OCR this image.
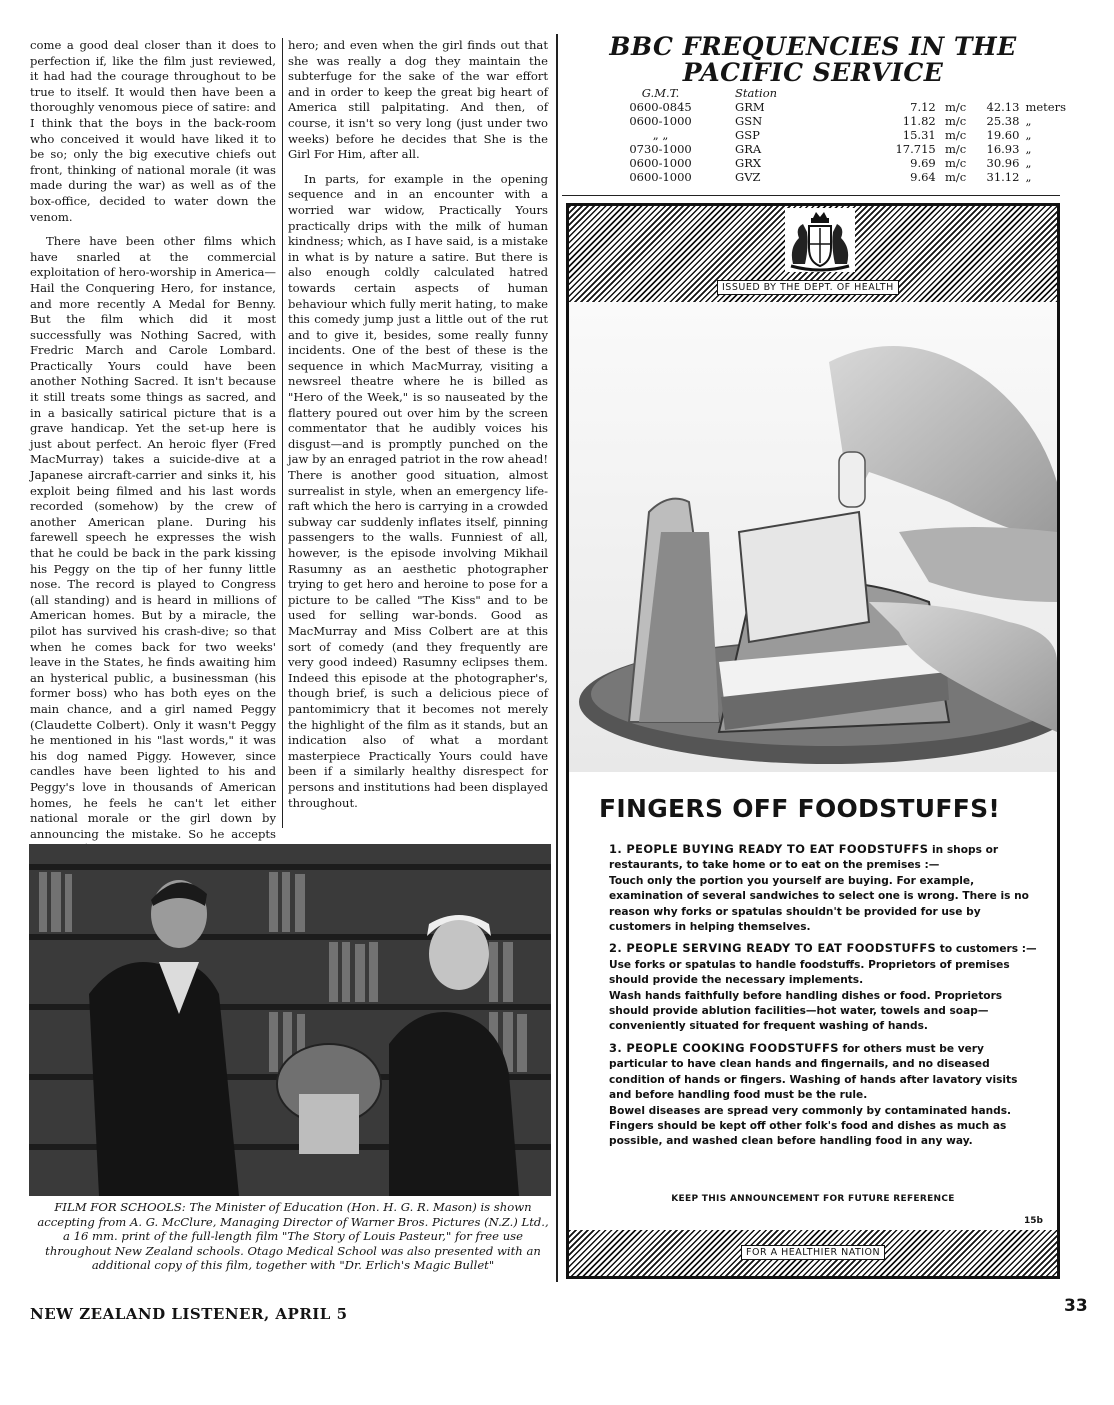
come a good deal closer than it does to perfection if, like the film just reviewed, it had had the courage throughout to be true to itself. It would then have been a thoroughly venomous piece of satire: and I think that the boys in the back-room who conceived it would have liked it to be so; only the big executive chiefs out front, thinking of national morale (it was made during the war) as well as of the box-office, decided to water down the venom.

There have been other films which have snarled at the commercial exploitation of hero-worship in America—Hail the Conquering Hero, for instance, and more recently A Medal for Benny. But the film which did it most successfully was Nothing Sacred, with Fredric March and Carole Lombard. Practically Yours could have been another Nothing Sacred. It isn't because it still treats some things as sacred, and in a basically satirical picture that is a grave handicap. Yet the set-up here is just about perfect. An heroic flyer (Fred MacMurray) takes a suicide-dive at a Japanese aircraft-carrier and sinks it, his exploit being filmed and his last words recorded (somehow) by the crew of another American plane. During his farewell speech he expresses the wish that he could be back in the park kissing his Peggy on the tip of her funny little nose. The record is played to Congress (all standing) and is heard in millions of American homes. But by a miracle, the pilot has survived his crash-dive; so that when he comes back for two weeks' leave in the States, he finds awaiting him an hysterical public, a businessman (his former boss) who has both eyes on the main chance, and a girl named Peggy (Claudette Colbert). Only it wasn't Peggy he mentioned in his "last words," it was his dog named Piggy. However, since candles have been lighted to his and Peggy's love in thousands of American homes, he feels he can't let either national morale or the girl down by announcing the mistake. So he accepts

hero; and even when the girl finds out that she was really a dog they maintain the subterfuge for the sake of the war effort and in order to keep the great big heart of America still palpitating. And then, of course, it isn't so very long (just under two weeks) before he decides that She is the Girl For Him, after all.

In parts, for example in the opening sequence and in an encounter with a worried war widow, Practically Yours practically drips with the milk of human kindness; which, as I have said, is a mistake in what is by nature a satire. But there is also enough coldly calculated hatred towards certain aspects of human behaviour which fully merit hating, to make this comedy jump just a little out of the rut and to give it, besides, some really funny incidents. One of the best of these is the sequence in which MacMurray, visiting a newsreel theatre where he is billed as "Hero of the Week," is so nauseated by the flattery poured out over him by the screen commentator that he audibly voices his disgust—and is promptly punched on the jaw by an enraged patriot in the row ahead! There is another good situation, almost surrealist in style, when an emergency life-raft which the hero is carrying in a crowded subway car suddenly inflates itself, pinning passengers to the walls. Funniest of all, however, is the episode involving Mikhail Rasumny as an aesthetic photographer trying to get hero and heroine to pose for a picture to be called "The Kiss" and to be used for selling war-bonds. Good as MacMurray and Miss Colbert are at this sort of comedy (and they frequently are very good indeed) Rasumny eclipses them. Indeed this episode at the photographer's, though brief, is such a delicious piece of pantomimicry that it becomes not merely the highlight of the film as it stands, but an indication also of what a mordant masterpiece Practically Yours could have been if a similarly healthy disrespect for persons and institutions had been displayed throughout.

BBC FREQUENCIES IN THE
PACIFIC SERVICE
G.M.T.	Station				
0600-0845	GRM	7.12	m/c	42.13	meters
0600-1000	GSN	11.82	m/c	25.38	„
„ „	GSP	15.31	m/c	19.60	„
0730-1000	GRA	17.715	m/c	16.93	„
0600-1000	GRX	9.69	m/c	30.96	„
0600-1000	GVZ	9.64	m/c	31.12	„
ISSUED BY THE DEPT. OF HEALTH
FINGERS OFF FOODSTUFFS!

1. PEOPLE BUYING READY TO EAT FOODSTUFFS in shops or restaurants, to take home or to eat on the premises :—

Touch only the portion you yourself are buying. For example, examination of several sandwiches to select one is wrong. There is no reason why forks or spatulas shouldn't be provided for use by customers in helping themselves.

2. PEOPLE SERVING READY TO EAT FOODSTUFFS to customers :—

Use forks or spatulas to handle foodstuffs. Proprietors of premises should provide the necessary implements.

Wash hands faithfully before handling dishes or food. Proprietors should provide ablution facilities—hot water, towels and soap—conveniently situated for frequent washing of hands.

3. PEOPLE COOKING FOODSTUFFS for others must be very particular to have clean hands and fingernails, and no diseased condition of hands or fingers. Washing of hands after lavatory visits and before handling food must be the rule.

Bowel diseases are spread very commonly by contaminated hands. Fingers should be kept off other folk's food and dishes as much as possible, and washed clean before handling food in any way.

KEEP THIS ANNOUNCEMENT FOR FUTURE REFERENCE
15b
FOR A HEALTHIER NATION
FILM FOR SCHOOLS: The Minister of Education (Hon. H. G. R. Mason) is shown accepting from A. G. McClure, Managing Director of Warner Bros. Pictures (N.Z.) Ltd., a 16 mm. print of the full-length film "The Story of Louis Pasteur," for free use throughout New Zealand schools. Otago Medical School was also presented with an additional copy of this film, together with "Dr. Erlich's Magic Bullet"
NEW ZEALAND LISTENER, APRIL 5	33
